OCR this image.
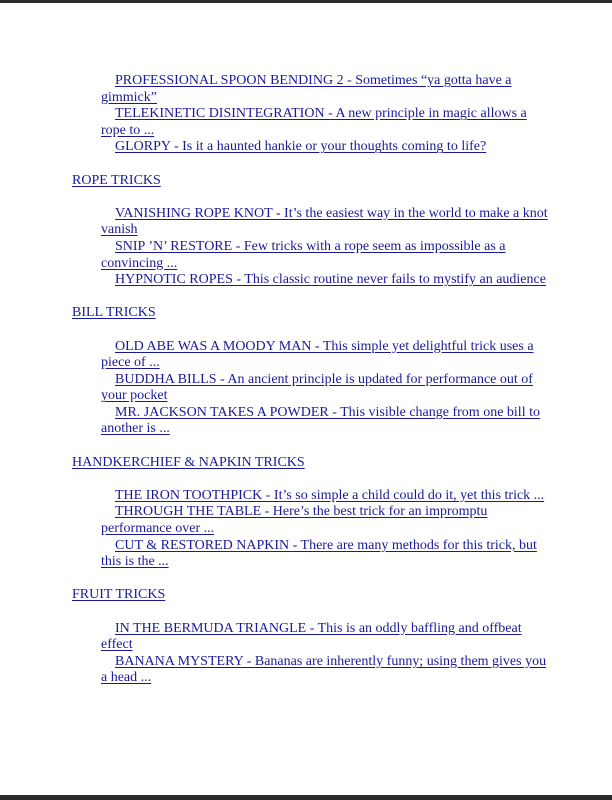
PROFESSIONAL SPOON BENDING 2 - Sometimes “ya gotta have a gimmick”

TELEKINETIC DISINTEGRATION - A new principle in magic allows a rope to ...

GLORPY - Is it a haunted hankie or your thoughts coming to life?

ROPE TRICKS

VANISHING ROPE KNOT - It’s the easiest way in the world to make a knot vanish

SNIP ’N’ RESTORE - Few tricks with a rope seem as impossible as a convincing ...

HYPNOTIC ROPES - This classic routine never fails to mystify an audience

BILL TRICKS

OLD ABE WAS A MOODY MAN - This simple yet delightful trick uses a piece of ...

BUDDHA BILLS - An ancient principle is updated for performance out of your pocket

MR. JACKSON TAKES A POWDER - This visible change from one bill to another is ...

HANDKERCHIEF & NAPKIN TRICKS

THE IRON TOOTHPICK - It’s so simple a child could do it, yet this trick ...

THROUGH THE TABLE - Here’s the best trick for an impromptu performance over ...

CUT & RESTORED NAPKIN - There are many methods for this trick, but this is the ...

FRUIT TRICKS

IN THE BERMUDA TRIANGLE - This is an oddly baffling and offbeat effect

BANANA MYSTERY - Bananas are inherently funny; using them gives you a head ...
